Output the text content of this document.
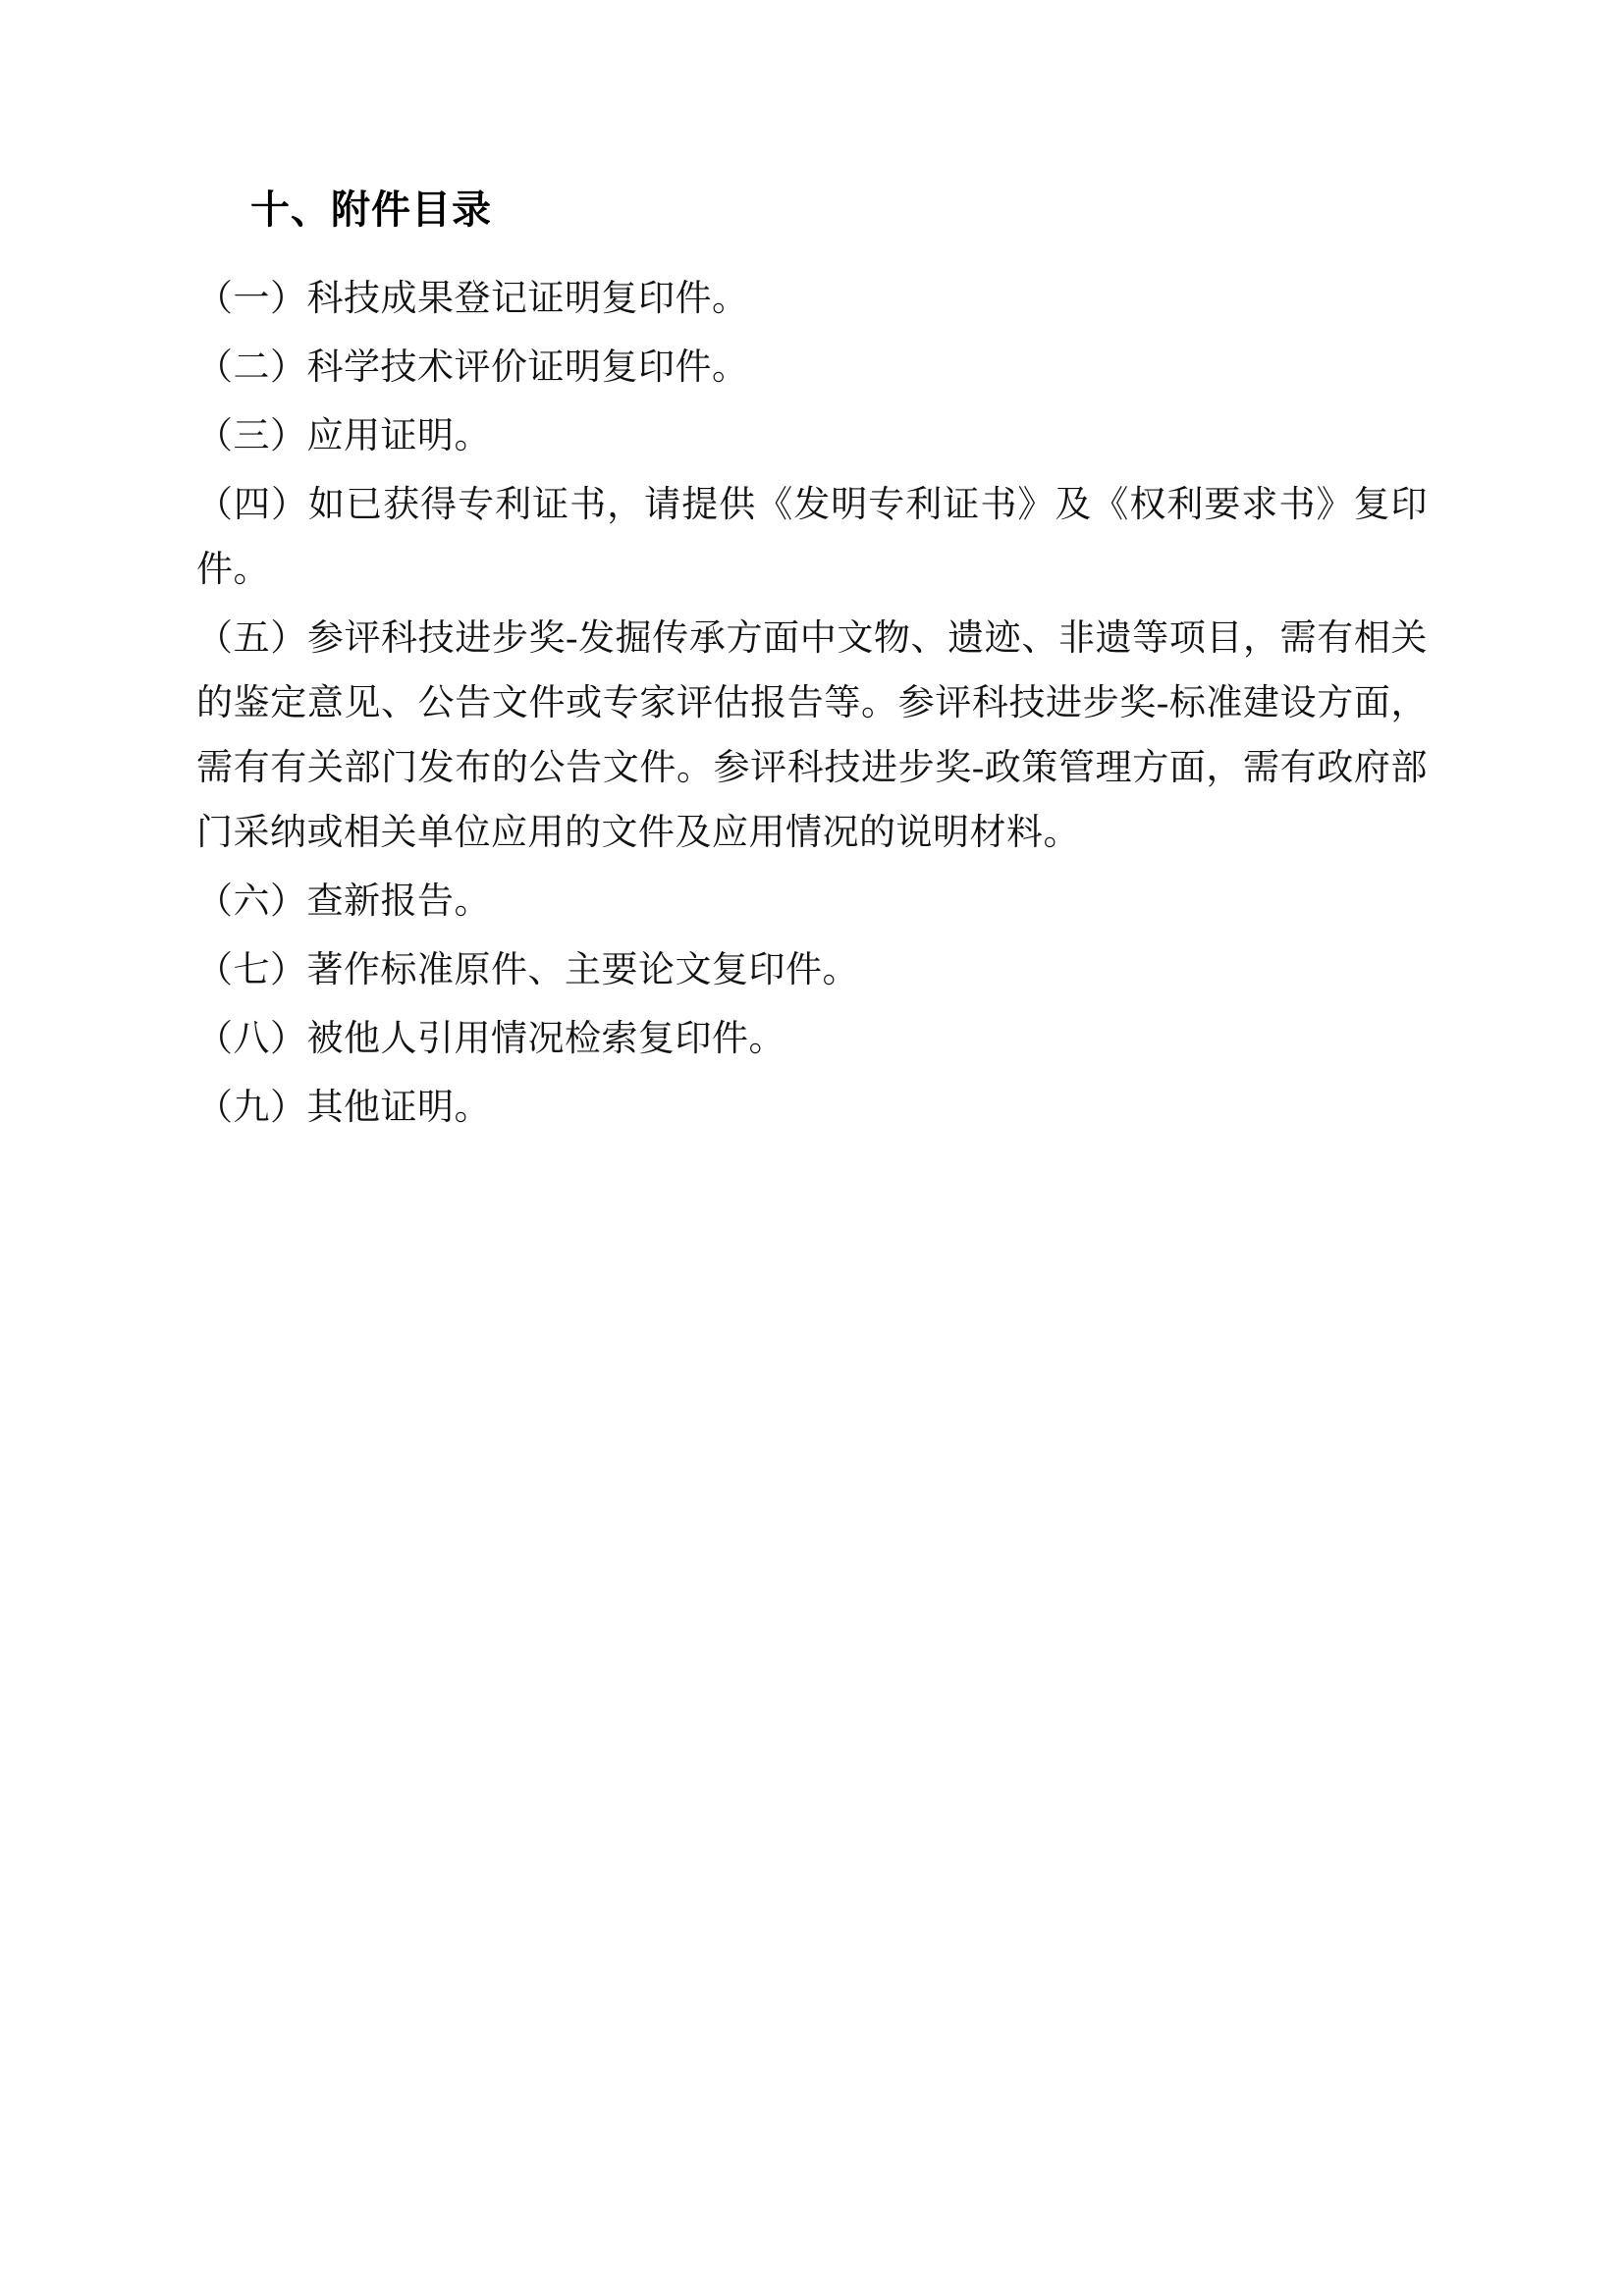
十、附件目录
（一）科技成果登记证明复印件。
（二）科学技术评价证明复印件。
（三）应用证明。
（四）如已获得专利证书，请提供《发明专利证书》及《权利要求书》复印件。
（五）参评科技进步奖-发掘传承方面中文物、遗迹、非遗等项目，需有相关的鉴定意见、公告文件或专家评估报告等。参评科技进步奖-标准建设方面，需有有关部门发布的公告文件。参评科技进步奖-政策管理方面，需有政府部门采纳或相关单位应用的文件及应用情况的说明材料。
（六）查新报告。
（七）著作标准原件、主要论文复印件。
（八）被他人引用情况检索复印件。
（九）其他证明。
